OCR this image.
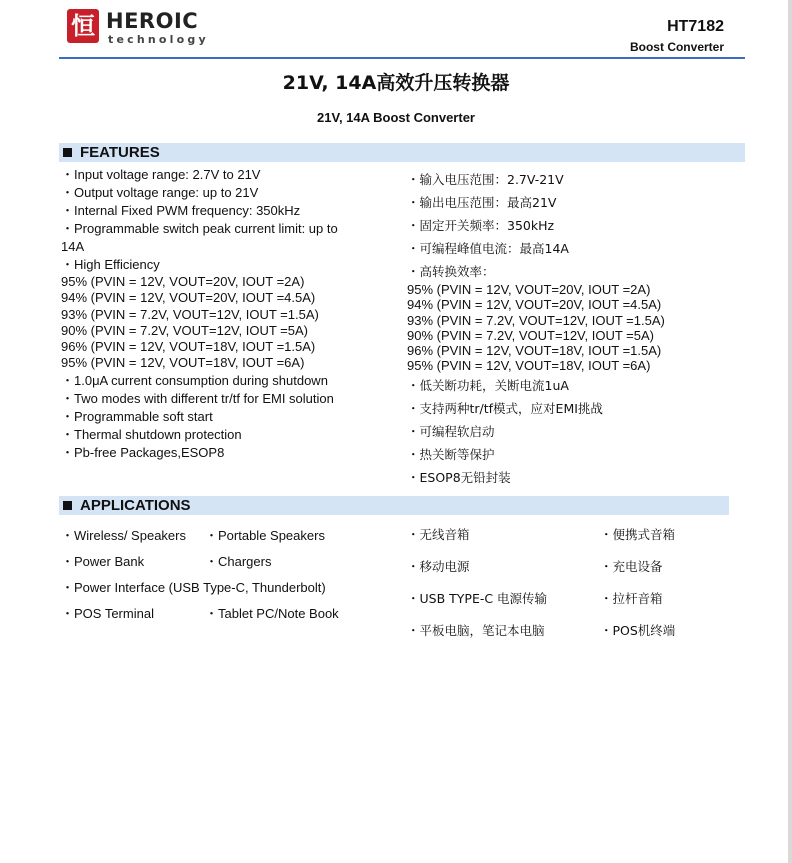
恒 HEROIC
technology
HT7182
Boost Converter
21V, 14A高效升压转换器
21V, 14A Boost Converter
FEATURES
・Input voltage range: 2.7V to 21V
・Output voltage range: up to 21V
・Internal Fixed PWM frequency: 350kHz
・Programmable switch peak current limit: up to 14A
・High Efficiency
95% (PVIN = 12V, VOUT=20V, IOUT =2A)
94% (PVIN = 12V, VOUT=20V, IOUT =4.5A)
93% (PVIN = 7.2V, VOUT=12V, IOUT =1.5A)
90% (PVIN = 7.2V, VOUT=12V, IOUT =5A)
96% (PVIN = 12V, VOUT=18V, IOUT =1.5A)
95% (PVIN = 12V, VOUT=18V, IOUT =6A)
・1.0μA current consumption during shutdown
・Two modes with different tr/tf for EMI solution
・Programmable soft start
・Thermal shutdown protection
・Pb-free Packages,ESOP8
・输入电压范围：2.7V-21V
・输出电压范围：最高21V
・固定开关频率：350kHz
・可编程峰值电流：最高14A
・高转换效率：
95% (PVIN = 12V, VOUT=20V, IOUT =2A)
94% (PVIN = 12V, VOUT=20V, IOUT =4.5A)
93% (PVIN = 7.2V, VOUT=12V, IOUT =1.5A)
90% (PVIN = 7.2V, VOUT=12V, IOUT =5A)
96% (PVIN = 12V, VOUT=18V, IOUT =1.5A)
95% (PVIN = 12V, VOUT=18V, IOUT =6A)
・低关断功耗，关断电流1uA
・支持两种tr/tf模式，应对EMI挑战
・可编程软启动
・热关断等保护
・ESOP8无铅封装
APPLICATIONS
・Wireless/ Speakers ・Portable Speakers
・Power Bank	・Chargers
・Power Interface (USB Type-C, Thunderbolt)
・POS Terminal	・Tablet PC/Note Book
・无线音箱	・便携式音箱
・移动电源	・充电设备
・USB TYPE-C 电源传输	・拉杆音箱
・平板电脑，笔记本电脑	・POS机终端
